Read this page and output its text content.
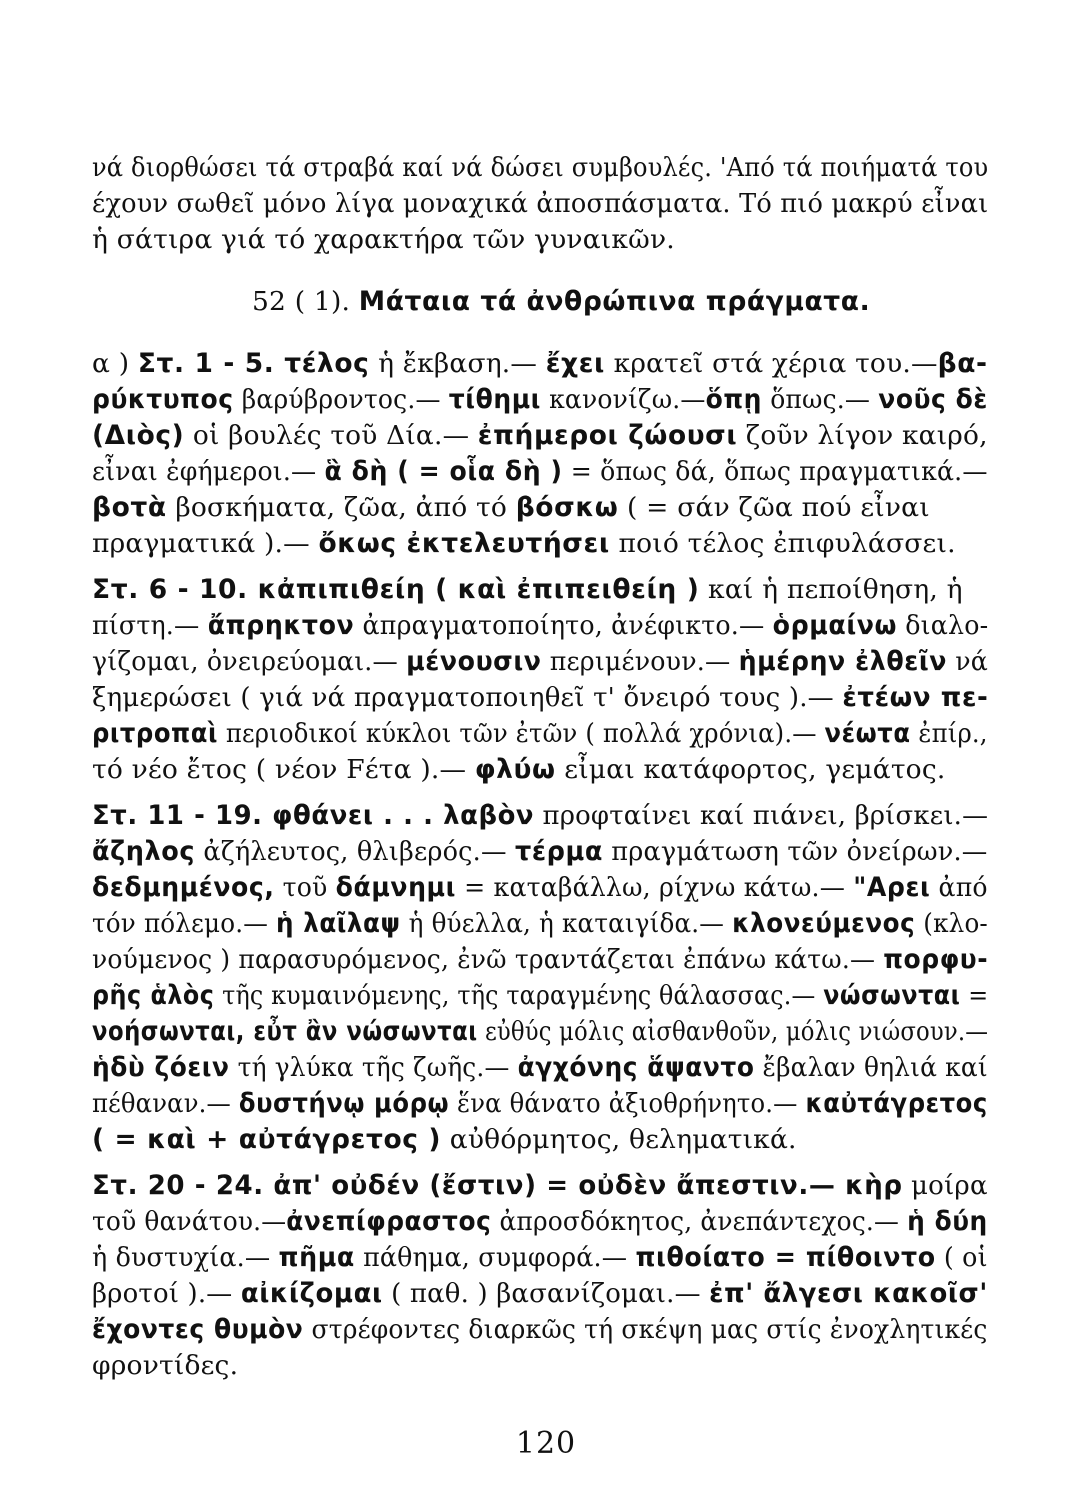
νά διορθώσει τά στραβά καί νά δώσει συμβουλές. 'Από τά ποιήματά του
έχουν σωθεῖ μόνο λίγα μοναχικά ἀποσπάσματα. Τό πιό μακρύ εἶναι
ἡ σάτιρα γιά τό χαρακτήρα τῶν γυναικῶν.
52 ( 1). Μάταια τά ἀνθρώπινα πράγματα.
α ) Στ. 1 - 5. τέλος ἡ ἔκβαση.— ἔχει κρατεῖ στά χέρια του.—βα-
ρύκτυπος βαρύβροντος.— τίθημι κανονίζω.—ὅπῃ ὅπως.— νοῦς δὲ
(Διὸς) οἱ βουλές τοῦ Δία.— ἐπήμεροι ζώουσι ζοῦν λίγον καιρό,
εἶναι ἐφήμεροι.— ἃ δὴ ( = οἷα δὴ ) = ὅπως δά, ὅπως πραγματικά.—
βοτὰ βοσκήματα, ζῶα, ἀπό τό βόσκω ( = σάν ζῶα πού εἶναι
πραγματικά ).— ὄκως ἐκτελευτήσει ποιό τέλος ἐπιφυλάσσει.
Στ. 6 - 10. κἀπιπιθείη ( καὶ ἐπιπειθείη ) καί ἡ πεποίθηση, ἡ
πίστη.— ἄπρηκτον ἀπραγματοποίητο, ἀνέφικτο.— ὁρμαίνω διαλο-
γίζομαι, ὀνειρεύομαι.— μένουσιν περιμένουν.— ἡμέρην ἐλθεῖν νά
ξημερώσει ( γιά νά πραγματοποιηθεῖ τ' ὄνειρό τους ).— ἐτέων πε-
ριτροπαὶ περιοδικοί κύκλοι τῶν ἐτῶν ( πολλά χρόνια).— νέωτα ἐπίρ.,
τό νέο ἔτος ( νέον Fέτα ).— φλύω εἶμαι κατάφορτος, γεμάτος.
Στ. 11 - 19. φθάνει . . . λαβὸν προφταίνει καί πιάνει, βρίσκει.—
ἄζηλος ἀζήλευτος, θλιβερός.— τέρμα πραγμάτωση τῶν ὀνείρων.—
δεδμημένος, τοῦ δάμνημι = καταβάλλω, ρίχνω κάτω.— "Αρει ἀπό
τόν πόλεμο.— ἡ λαῖλαψ ἡ θύελλα, ἡ καταιγίδα.— κλονεύμενος (κλο-
νούμενος ) παρασυρόμενος, ἐνῶ τραντάζεται ἐπάνω κάτω.— πορφυ-
ρῆς ἁλὸς τῆς κυμαινόμενης, τῆς ταραγμένης θάλασσας.— νώσωνται =
νοήσωνται, εὖτ ἂν νώσωνται εὐθύς μόλις αἰσθανθοῦν, μόλις νιώσουν.—
ἡδὺ ζόειν τή γλύκα τῆς ζωῆς.— ἀγχόνης ἅψαντο ἔβαλαν θηλιά καί
πέθαναν.— δυστήνῳ μόρῳ ἕνα θάνατο ἀξιοθρήνητο.— καὐτάγρετος
( = καὶ + αὐτάγρετος ) αὐθόρμητος, θεληματικά.
Στ. 20 - 24. ἀπ' οὐδέν (ἔστιν) = οὐδὲν ἄπεστιν.— κὴρ μοίρα
τοῦ θανάτου.—ἀνεπίφραστος ἀπροσδόκητος, ἀνεπάντεχος.— ἡ δύη
ἡ δυστυχία.— πῆμα πάθημα, συμφορά.— πιθοίατο = πίθοιντο ( οἱ
βροτοί ).— αἰκίζομαι ( παθ. ) βασανίζομαι.— ἐπ' ἄλγεσι κακοῖσ'
ἔχοντες θυμὸν στρέφοντες διαρκῶς τή σκέψη μας στίς ἐνοχλητικές
φροντίδες.
120
